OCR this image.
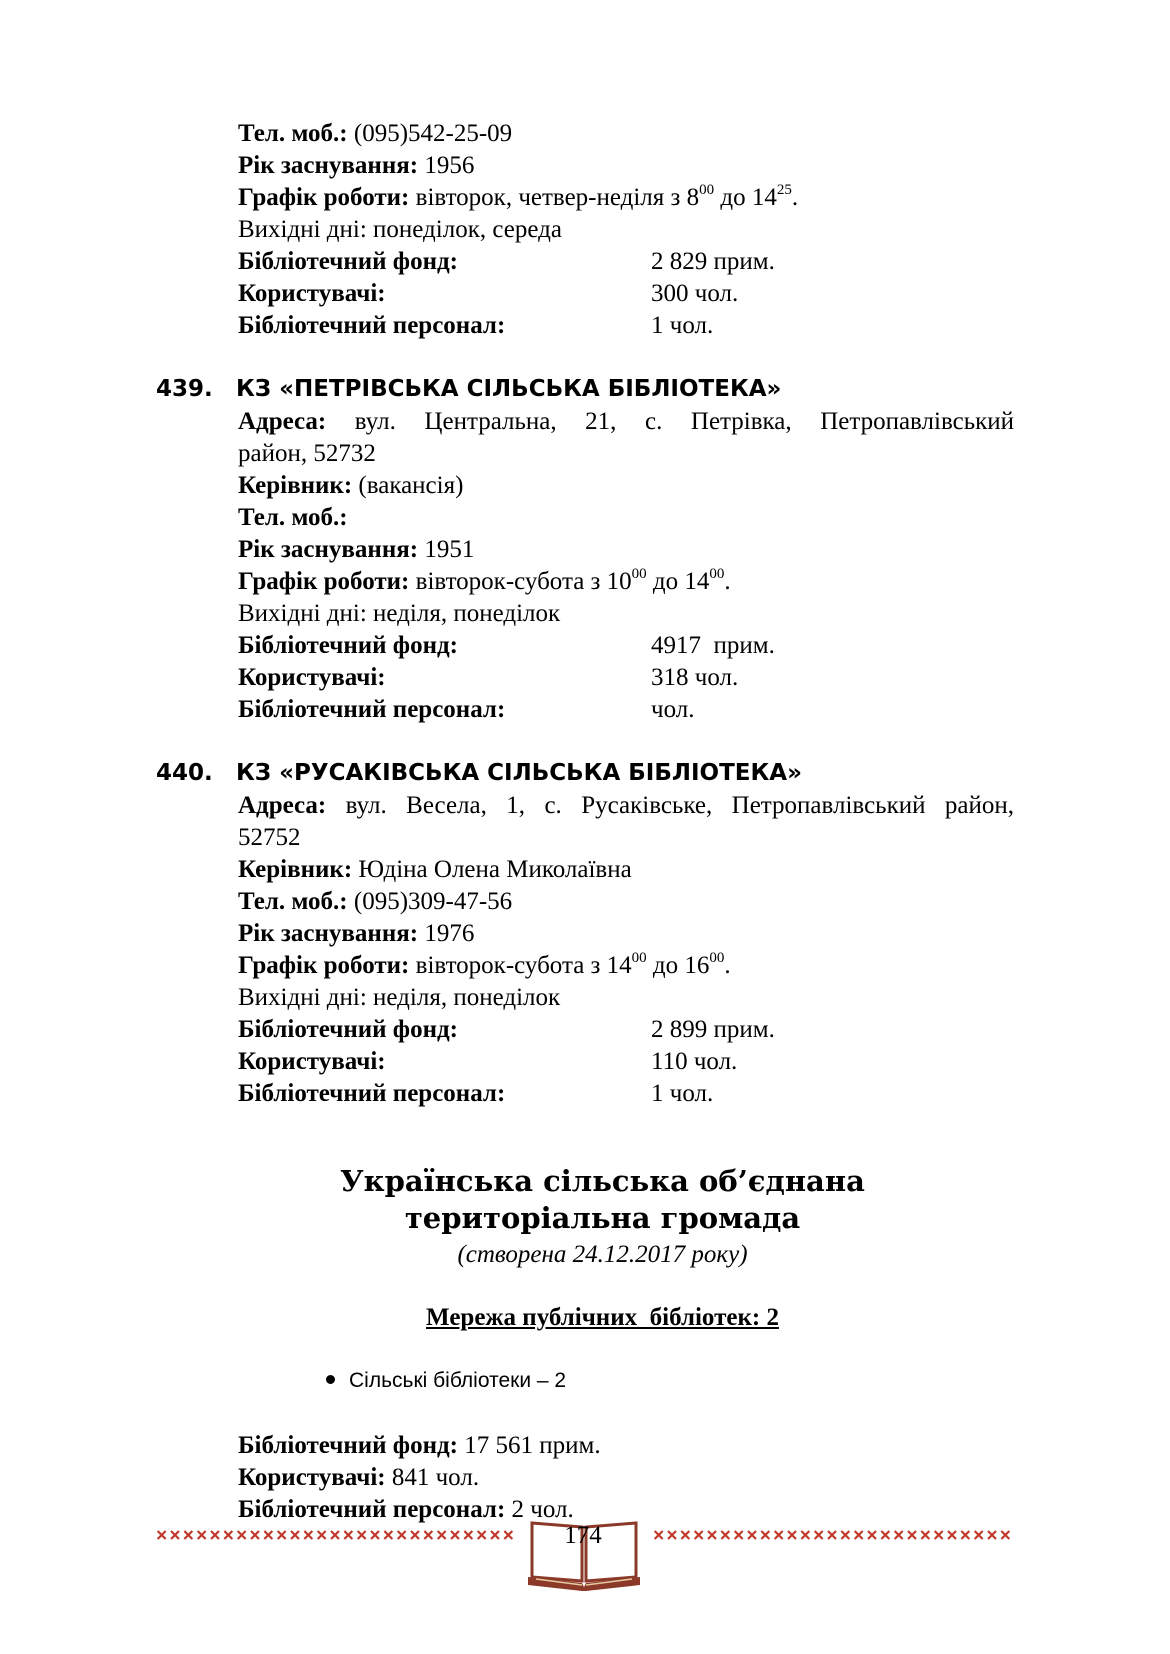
Тел. моб.: (095)542-25-09
Рік заснування: 1956
Графік роботи: вівторок, четвер-неділя з $8^{00}$ до $14^{25}$.
Вихідні дні: понеділок, середа
Бібліотечний фонд:	2 829 прим.
Користувачі:	300 чол.
Бібліотечний персонал:	1 чол.
439. КЗ «ПЕТРІВСЬКА СІЛЬСЬКА БІБЛІОТЕКА»
Адреса: вул. Центральна, 21, с. Петрівка, Петропавлівський
район, 52732
Керівник: (вакансія)
Тел. моб.:
Рік заснування: 1951
Графік роботи: вівторок-субота з $10^{00}$ до $14^{00}$.
Вихідні дні: неділя, понеділок
Бібліотечний фонд:	4917  прим.
Користувачі:	318 чол.
Бібліотечний персонал:	чол.
440. КЗ «РУСАКІВСЬКА СІЛЬСЬКА БІБЛІОТЕКА»
Адреса: вул. Весела, 1, с. Русаківське, Петропавлівський район,
52752
Керівник: Юдіна Олена Миколаївна
Тел. моб.: (095)309-47-56
Рік заснування: 1976
Графік роботи: вівторок-субота з $14^{00}$ до $16^{00}$.
Вихідні дні: неділя, понеділок
Бібліотечний фонд:	2 899 прим.
Користувачі:	110 чол.
Бібліотечний персонал:	1 чол.
Українська сільська об’єднана
територіальна громада
(створена 24.12.2017 року)
Мережа публічних  бібліотек: 2
Сільські бібліотеки – 2
Бібліотечний фонд: 17 561 прим.
Користувачі: 841 чол.
Бібліотечний персонал: 2 чол.
174
